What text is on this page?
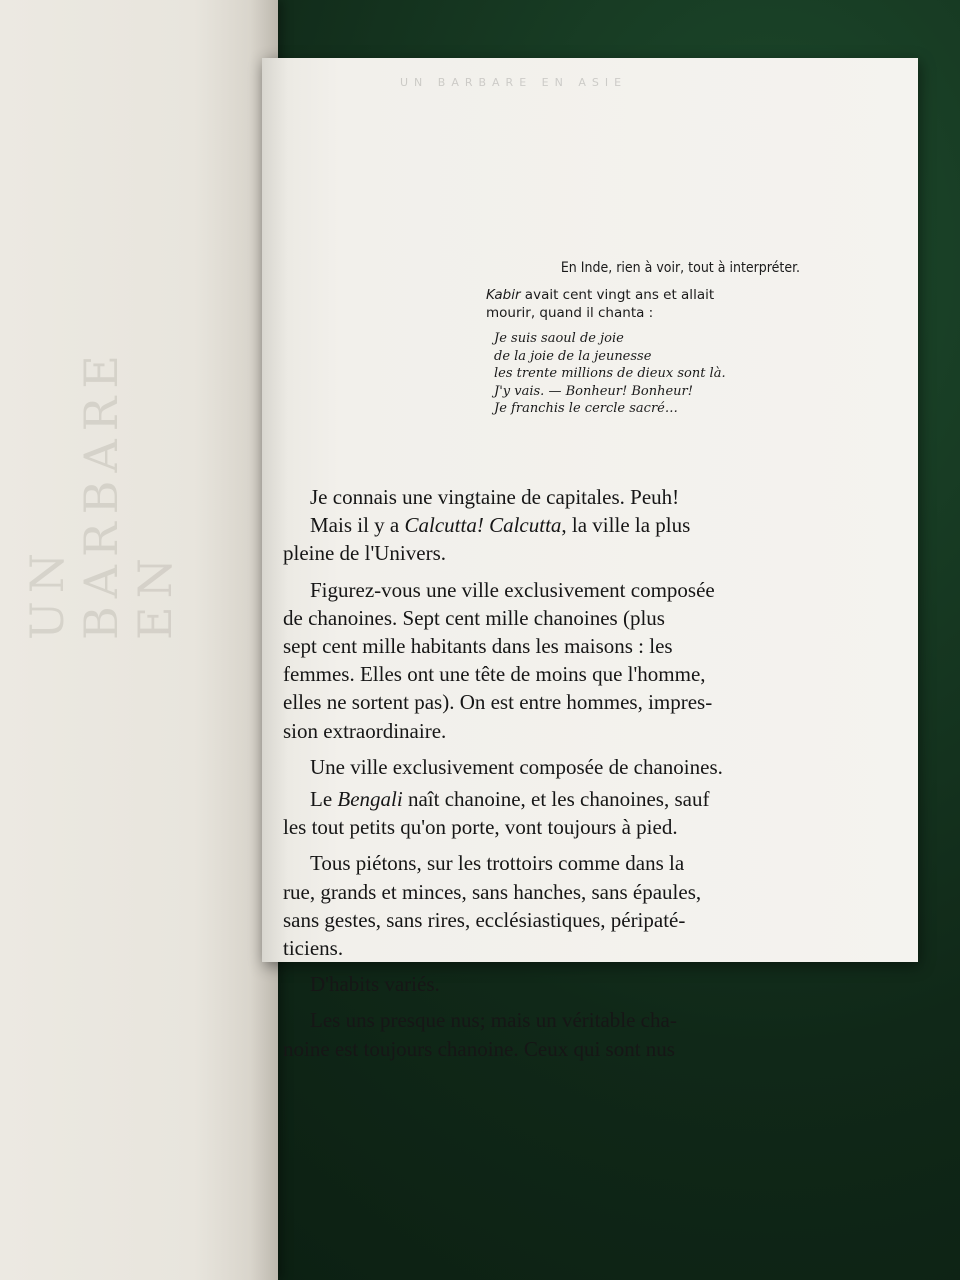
UN BARBARE EN
UN BARBARE EN ASIE

En Inde, rien à voir, tout à interpréter.

Kabir avait cent vingt ans et allait
mourir, quand il chanta :

Je suis saoul de joie
de la joie de la jeunesse
les trente millions de dieux sont là.
J'y vais. — Bonheur! Bonheur!
Je franchis le cercle sacré…
Je connais une vingtaine de capitales. Peuh!
Mais il y a Calcutta! Calcutta , la ville la plus
pleine de l'Univers.
Figurez-vous une ville exclusivement composée
de chanoines. Sept cent mille chanoines (plus
sept cent mille habitants dans les maisons : les
femmes. Elles ont une tête de moins que l'homme,
elles ne sortent pas). On est entre hommes, impres-
sion extraordinaire.
Une ville exclusivement composée de chanoines.
Le Bengali naît chanoine, et les chanoines, sauf
les tout petits qu'on porte, vont toujours à pied.
Tous piétons, sur les trottoirs comme dans la
rue, grands et minces, sans hanches, sans épaules,
sans gestes, sans rires, ecclésiastiques, péripaté-
ticiens.
D'habits variés.
Les uns presque nus; mais un véritable cha-
noine est toujours chanoine. Ceux qui sont nus
